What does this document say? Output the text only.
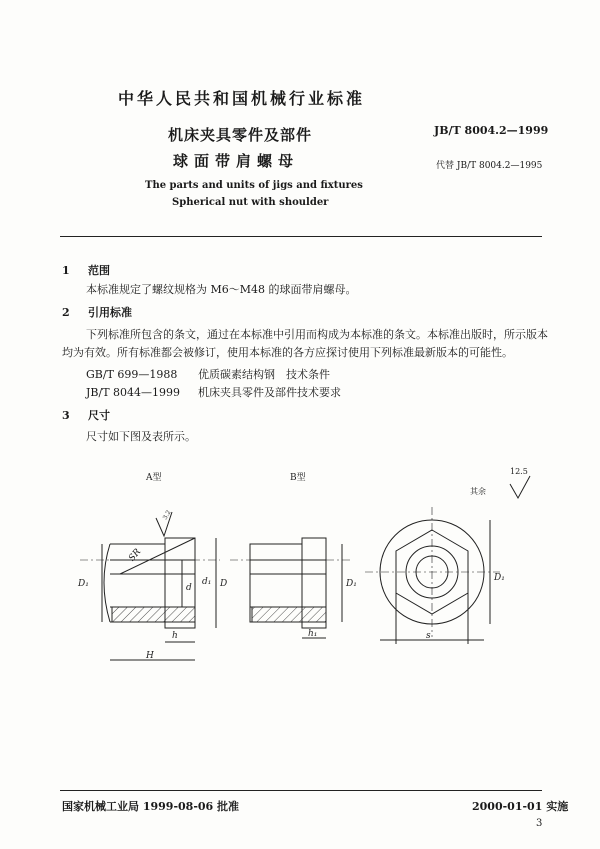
中华人民共和国机械行业标准
机床夹具零件及部件
球面带肩螺母
JB/T 8004.2—1999
代替 JB/T 8004.2—1995
The parts and units of jigs and fixtures
Spherical nut with shoulder
1 范围
本标准规定了螺纹规格为 M6～M48 的球面带肩螺母。
2 引用标准
下列标准所包含的条文，通过在本标准中引用而构成为本标准的条文。本标准出版时，所示版本
均为有效。所有标准都会被修订，使用本标准的各方应探讨使用下列标准最新版本的可能性。
GB/T 699—1988 优质碳素结构钢　技术条件
JB/T 8044—1999 机床夹具零件及部件技术要求
3 尺寸
尺寸如下图及表所示。
A型	B型
其余
12.5
3.2
D₁
SR
d
d₁ D
h
H
D₁
h₁	s
D₁
国家机械工业局 1999-08-06 批准	2000-01-01 实施
3
